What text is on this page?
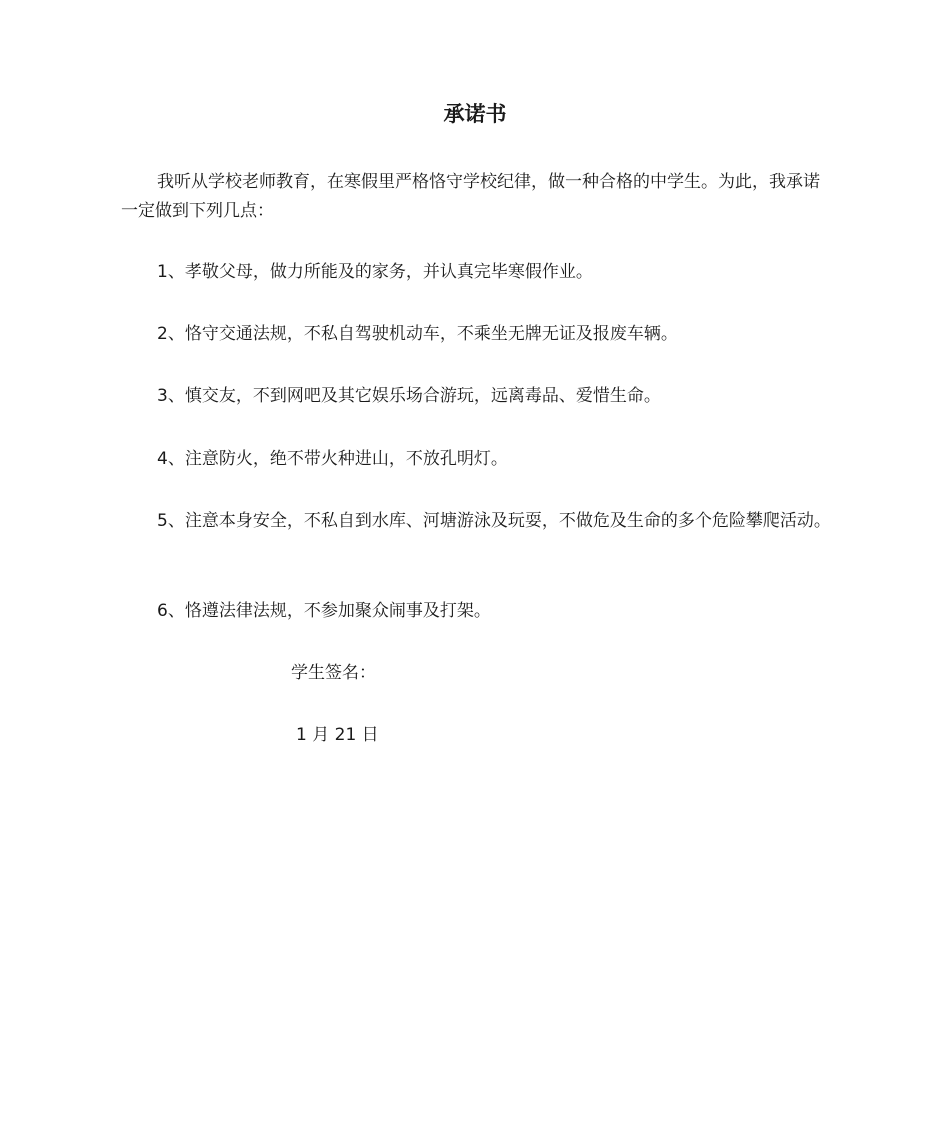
承诺书

我听从学校老师教育，在寒假里严格恪守学校纪律，做一种合格的中学生。为此，我承诺一定做到下列几点：

1、孝敬父母，做力所能及的家务，并认真完毕寒假作业。

2、恪守交通法规，不私自驾驶机动车，不乘坐无牌无证及报废车辆。

3、慎交友，不到网吧及其它娱乐场合游玩，远离毒品、爱惜生命。

4、注意防火，绝不带火种进山，不放孔明灯。

5、注意本身安全，不私自到水库、河塘游泳及玩耍，不做危及生命的多个危险攀爬活动。

6、恪遵法律法规，不参加聚众闹事及打架。

学生签名：

1 月 21 日
